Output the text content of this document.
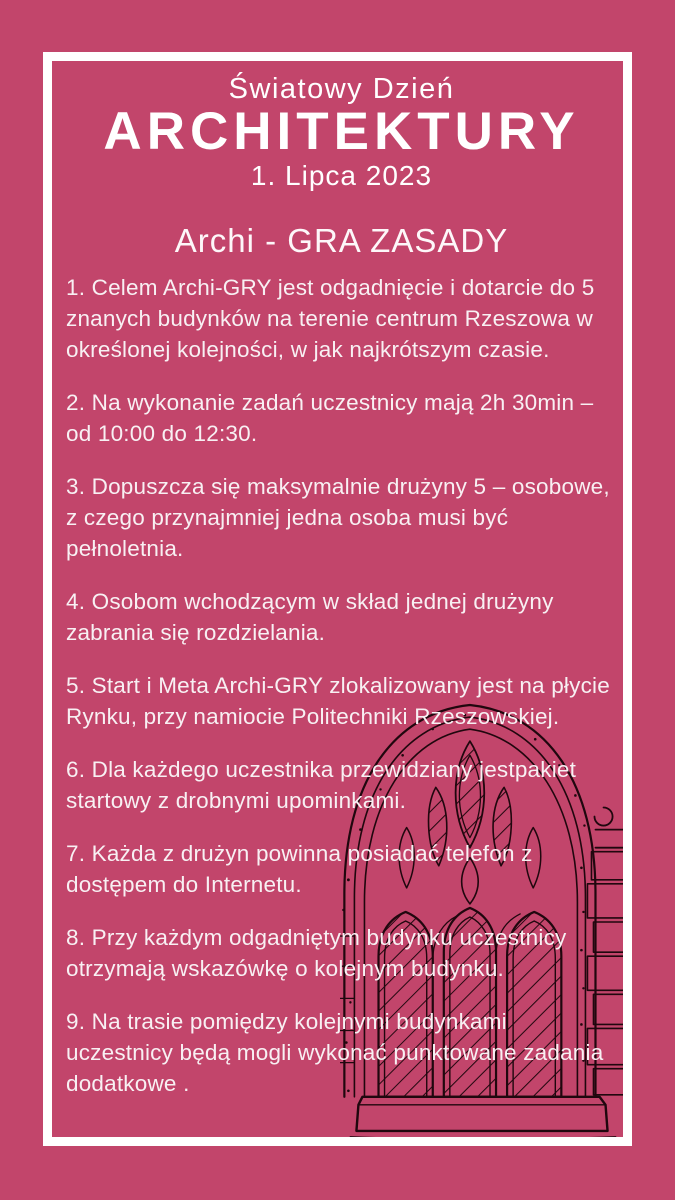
Światowy Dzień
ARCHITEKTURY
1. Lipca 2023
Archi - GRA ZASADY

1. Celem Archi-GRY jest odgadnięcie i dotarcie do 5 znanych budynków na terenie centrum Rzeszowa w określonej kolejności, w jak najkrótszym czasie.

2. Na wykonanie zadań uczestnicy mają 2h 30min – od 10:00 do 12:30.

3. Dopuszcza się maksymalnie drużyny 5 – osobowe, z czego przynajmniej jedna osoba musi być pełnoletnia.

4. Osobom wchodzącym w skład jednej drużyny zabrania się rozdzielania.

5. Start i Meta Archi-GRY zlokalizowany jest na płycie Rynku, przy namiocie Politechniki Rzeszowskiej.

6. Dla każdego uczestnika przewidziany jestpakiet startowy z drobnymi upominkami.

7. Każda z drużyn powinna posiadać telefon z dostępem do Internetu.

8. Przy każdym odgadniętym budynku uczestnicy otrzymają wskazówkę o kolejnym budynku.

9. Na trasie pomiędzy kolejnymi budynkami uczestnicy będą mogli wykonać punktowane zadania dodatkowe .
